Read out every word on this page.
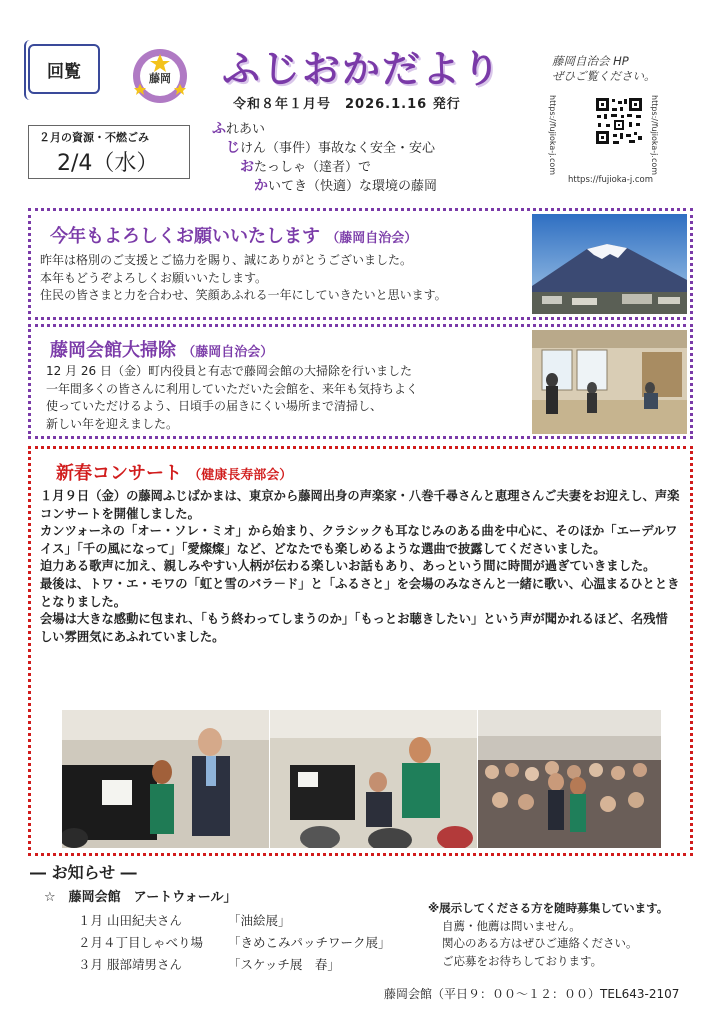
回覧	藤岡 ふじおかだより
令和８年１月号　2026.1.16 発行
藤岡自治会 HP
ぜひご覧ください。
https://fujioka-j.com	https://fujioka-j.com
https://fujioka-j.com
２月の資源・不燃ごみ
2/4（水）
ふれあい
じけん（事件）事故なく安全・安心
おたっしゃ（達者）で
かいてき（快適）な環境の藤岡
今年もよろしくお願いいたします （藤岡自治会）
昨年は格別のご支援とご協力を賜り、誠にありがとうございました。
本年もどうぞよろしくお願いいたします。
住民の皆さまと力を合わせ、笑顔あふれる一年にしていきたいと思います。
藤岡会館大掃除 （藤岡自治会）
12 月 26 日（金）町内役員と有志で藤岡会館の大掃除を行いました
一年間多くの皆さんに利用していただいた会館を、来年も気持ちよく
使っていただけるよう、日頃手の届きにくい場所まで清掃し、
新しい年を迎えました。
新春コンサート （健康長寿部会）
１月９日（金）の藤岡ふじばかまは、東京から藤岡出身の声楽家・八巻千尋さんと恵理さんご夫妻をお迎えし、声楽コンサートを開催しました。
カンツォーネの「オー・ソレ・ミオ」から始まり、クラシックも耳なじみのある曲を中心に、そのほか「エーデルワイス」「千の風になって」「愛燦燦」など、どなたでも楽しめるような選曲で披露してくださいました。
迫力ある歌声に加え、親しみやすい人柄が伝わる楽しいお話もあり、あっという間に時間が過ぎていきました。
最後は、トワ・エ・モワの「虹と雪のバラ－ド」と「ふるさと」を会場のみなさんと一緒に歌い、心温まるひとときとなりました。
会場は大きな感動に包まれ、「もう終わってしまうのか」「もっとお聴きしたい」という声が聞かれるほど、名残惜しい雰囲気にあふれていました。
― お知らせ ―
☆　藤岡会館　アートウォール」
１月 山田紀夫さん	「油絵展」
２月４丁目しゃべり場 「きめこみパッチワーク展」
３月 服部靖男さん	「スケッチ展　春」
※展示してくださる方を随時募集しています。
自薦・他薦は問いません。
関心のある方はぜひご連絡ください。
ご応募をお待ちしております。
藤岡会館（平日９：００～１２：００）TEL643-2107
